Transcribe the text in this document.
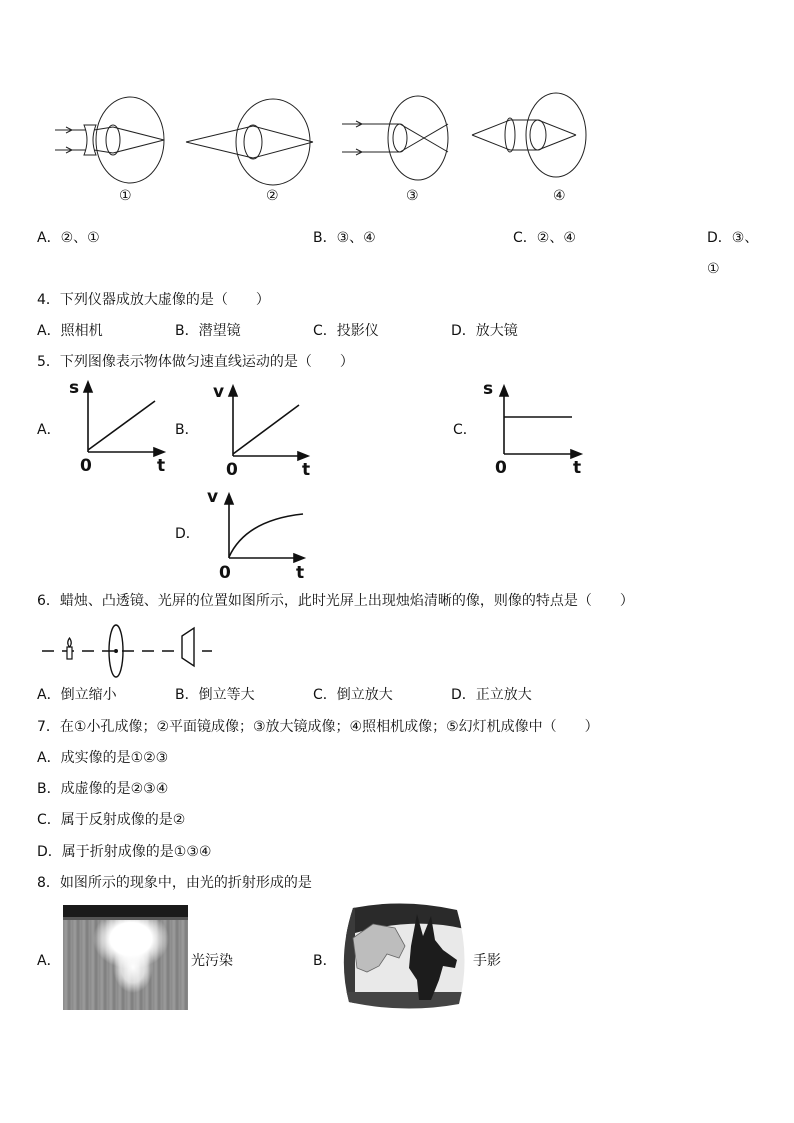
①	②	③	④
A．②、①	B．③、④	C．②、④	D．③、①
4．下列仪器成放大虚像的是（　　）
A．照相机	B．潜望镜	C．投影仪	D．放大镜
5．下列图像表示物体做匀速直线运动的是（　　）
A．	B．	C．
D．
s
0	t
v
0	t
s
0	t
v
0	t
6．蜡烛、凸透镜、光屏的位置如图所示，此时光屏上出现烛焰清晰的像，则像的特点是（　　）
A．倒立缩小	B．倒立等大	C．倒立放大	D．正立放大
7．在①小孔成像；②平面镜成像；③放大镜成像；④照相机成像；⑤幻灯机成像中（　　）
A．成实像的是①②③
B．成虚像的是②③④
C．属于反射成像的是②
D．属于折射成像的是①③④
8．如图所示的现象中，由光的折射形成的是
A．	光污染	B．	手影
